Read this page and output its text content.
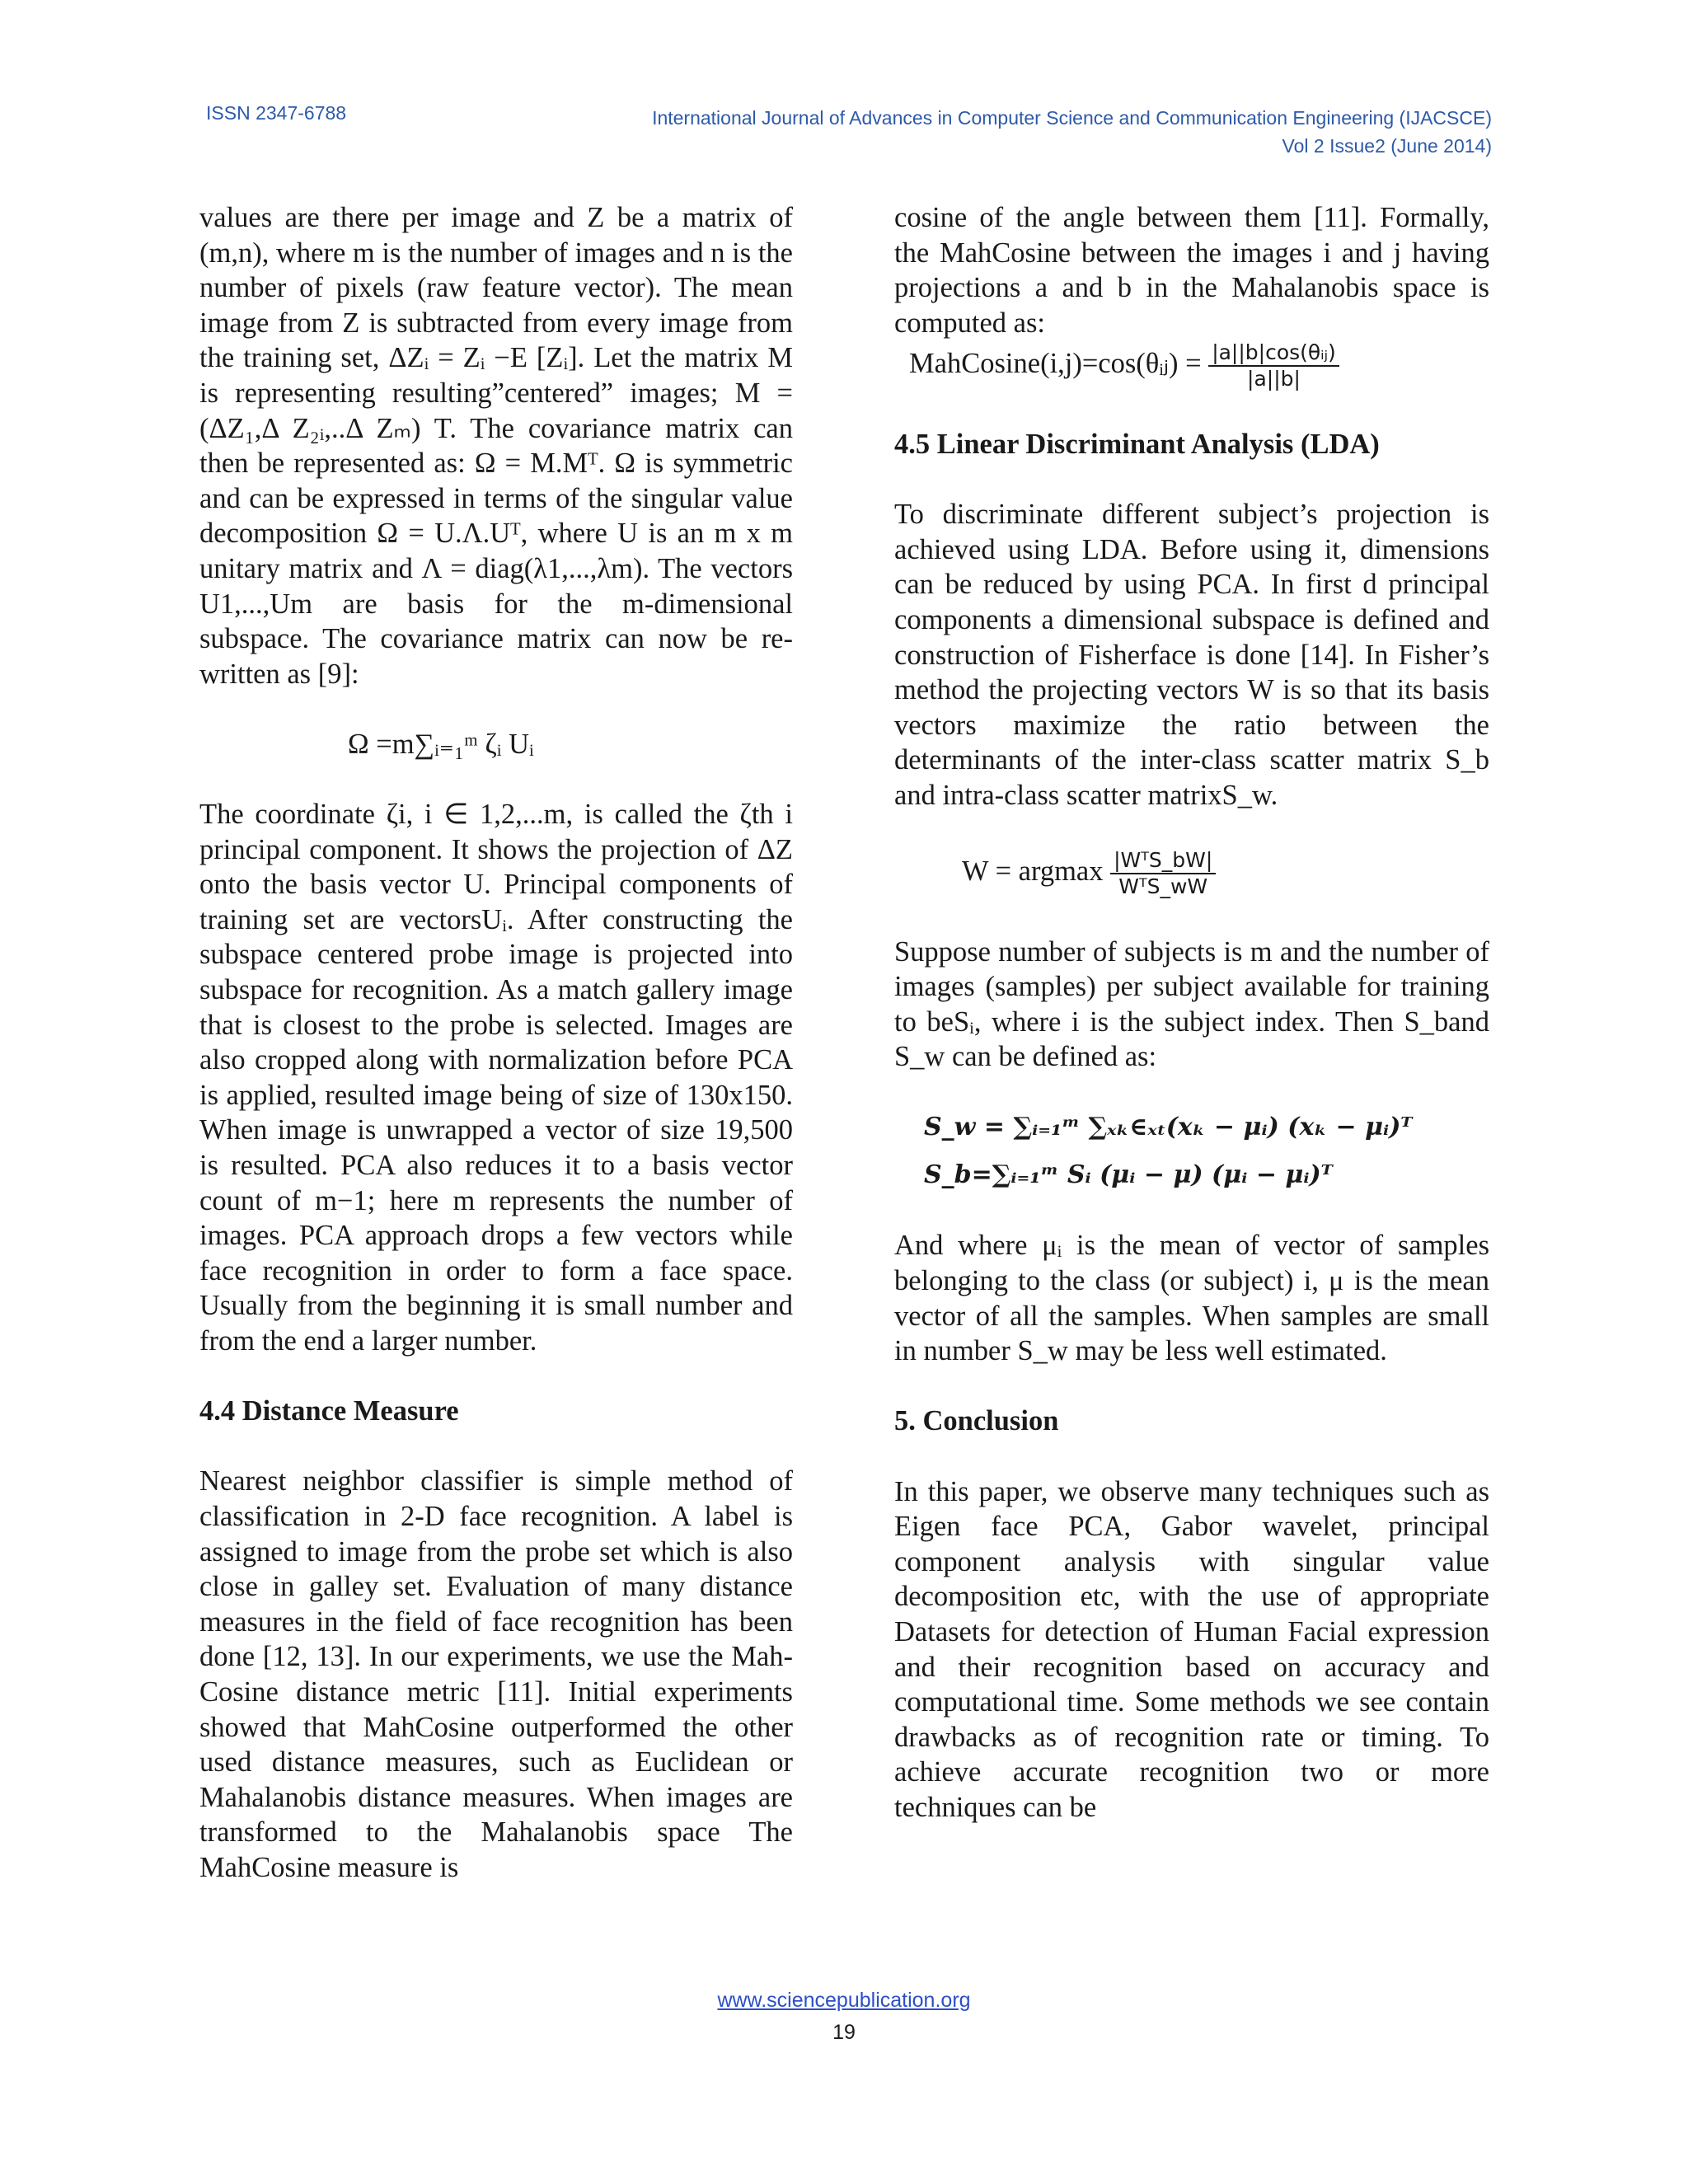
ISSN 2347-6788	International Journal of Advances in Computer Science and Communication Engineering (IJACSCE)
Vol 2 Issue2 (June 2014)

values are there per image and Z be a matrix of (m,n), where m is the number of images and n is the number of pixels (raw feature vector). The mean image from Z is subtracted from every image from the training set, ΔZᵢ = Zᵢ −E [Zᵢ]. Let the matrix M is representing resulting”centered” images; M =(ΔZ₁,Δ Z₂ᵢ,..Δ Zₘ) T. The covariance matrix can then be represented as: Ω = M.Mᵀ. Ω is symmetric and can be expressed in terms of the singular value decomposition Ω = U.Λ.Uᵀ, where U is an m x m unitary matrix and Λ = diag(λ1,...,λm). The vectors U1,...,Um are basis for the m-dimensional subspace. The covariance matrix can now be re-written as [9]:

Ω =m∑ᵢ₌₁ᵐ ζᵢ Uᵢ

The coordinate ζi, i ∈ 1,2,...m, is called the ζth i principal component. It shows the projection of ΔZ onto the basis vector U. Principal components of training set are vectorsUᵢ. After constructing the subspace centered probe image is projected into subspace for recognition. As a match gallery image that is closest to the probe is selected. Images are also cropped along with normalization before PCA is applied, resulted image being of size of 130x150. When image is unwrapped a vector of size 19,500 is resulted. PCA also reduces it to a basis vector count of m−1; here m represents the number of images. PCA approach drops a few vectors while face recognition in order to form a face space. Usually from the beginning it is small number and from the end a larger number.

4.4 Distance Measure

Nearest neighbor classifier is simple method of classification in 2-D face recognition. A label is assigned to image from the probe set which is also close in galley set. Evaluation of many distance measures in the field of face recognition has been done [12, 13]. In our experiments, we use the Mah- Cosine distance metric [11]. Initial experiments showed that MahCosine outperformed the other used distance measures, such as Euclidean or Mahalanobis distance measures. When images are transformed to the Mahalanobis space The MahCosine measure is

cosine of the angle between them [11]. Formally, the MahCosine between the images i and j having projections a and b in the Mahalanobis space is computed as:

MahCosine(i,j)=cos(θᵢⱼ) = $\frac{\text{|a||b|cos(θᵢⱼ)}}{|a||b|}$

4.5 Linear Discriminant Analysis (LDA)

To discriminate different subject’s projection is achieved using LDA. Before using it, dimensions can be reduced by using PCA. In first d principal components a dimensional subspace is defined and construction of Fisherface is done [14]. In Fisher’s method the projecting vectors W is so that its basis vectors maximize the ratio between the determinants of the inter-class scatter matrix S_b and intra-class scatter matrixS_w.

W = argmax $\frac{\text{|WᵀS\_bW|}}{\text{WᵀS\_wW}}$

Suppose number of subjects is m and the number of images (samples) per subject available for training to beSᵢ, where i is the subject index. Then S_band S_w can be defined as:

S_w = ∑ᵢ₌₁ᵐ ∑ₓₖ∈ₓₜ(xₖ − μᵢ) (xₖ − μᵢ)ᵀ

S_b=∑ᵢ₌₁ᵐ Sᵢ (μᵢ − μ) (μᵢ − μᵢ)ᵀ

And where μᵢ is the mean of vector of samples belonging to the class (or subject) i, μ is the mean vector of all the samples. When samples are small in number S_w may be less well estimated.

5. Conclusion

In this paper, we observe many techniques such as Eigen face PCA, Gabor wavelet, principal component analysis with singular value decomposition etc, with the use of appropriate Datasets for detection of Human Facial expression and their recognition based on accuracy and computational time. Some methods we see contain drawbacks as of recognition rate or timing. To achieve accurate recognition two or more techniques can be

www.sciencepublication.org
19
